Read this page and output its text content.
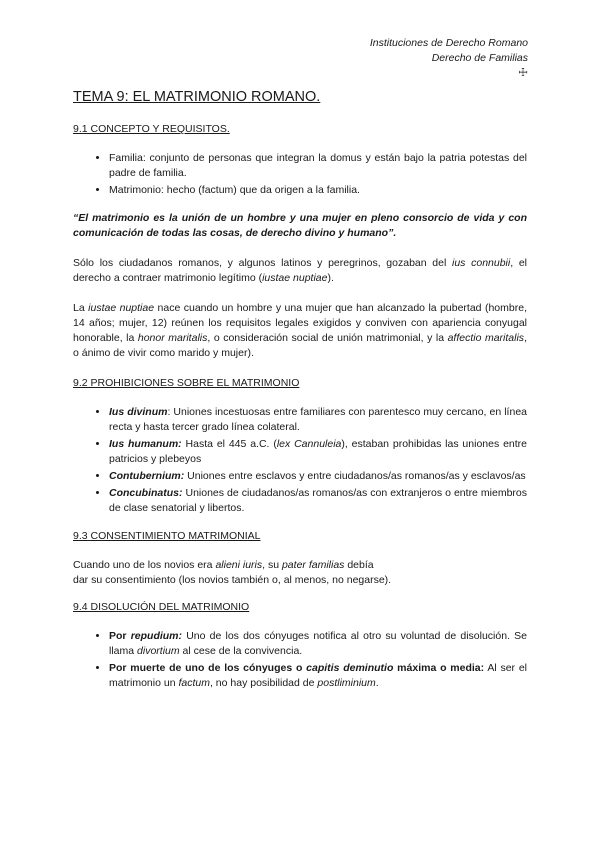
Instituciones de Derecho Romano
Derecho de Familias
☩
TEMA 9: EL MATRIMONIO ROMANO.
9.1 CONCEPTO Y REQUISITOS.
• Familia: conjunto de personas que integran la domus y están bajo la patria potestas del padre de familia.
• Matrimonio: hecho (factum) que da origen a la familia.

“El matrimonio es la unión de un hombre y una mujer en pleno consorcio de vida y con comunicación de todas las cosas, de derecho divino y humano”.

Sólo los ciudadanos romanos, y algunos latinos y peregrinos, gozaban del ius connubii, el derecho a contraer matrimonio legítimo (iustae nuptiae).

La iustae nuptiae nace cuando un hombre y una mujer que han alcanzado la pubertad (hombre, 14 años; mujer, 12) reúnen los requisitos legales exigidos y conviven con apariencia conyugal honorable, la honor maritalis, o consideración social de unión matrimonial, y la affectio maritalis, o ánimo de vivir como marido y mujer).

9.2 PROHIBICIONES SOBRE EL MATRIMONIO
• Ius divinum: Uniones incestuosas entre familiares con parentesco muy cercano, en línea recta y hasta tercer grado línea colateral.
• Ius humanum: Hasta el 445 a.C. (lex Cannuleia), estaban prohibidas las uniones entre patricios y plebeyos
• Contubernium: Uniones entre esclavos y entre ciudadanos/as romanos/as y esclavos/as
• Concubinatus: Uniones de ciudadanos/as romanos/as con extranjeros o entre miembros de clase senatorial y libertos.
9.3 CONSENTIMIENTO MATRIMONIAL

Cuando uno de los novios era alieni iuris, su pater familias debía
dar su consentimiento (los novios también o, al menos, no negarse).

9.4 DISOLUCIÓN DEL MATRIMONIO
• Por repudium: Uno de los dos cónyuges notifica al otro su voluntad de disolución. Se llama divortium al cese de la convivencia.
• Por muerte de uno de los cónyuges o capitis deminutio máxima o media: Al ser el matrimonio un factum, no hay posibilidad de postliminium.
